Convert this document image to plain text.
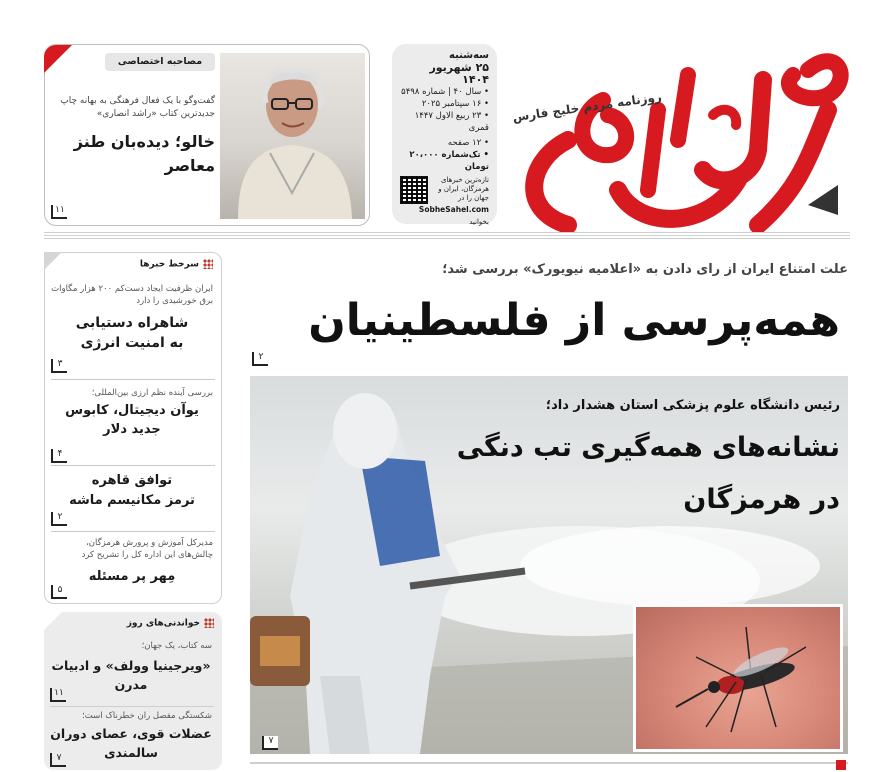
روزنامه مردم خلیج فارس
سه‌شنبه
۲۵ شهریور ۱۴۰۴
• سال ۴۰ | شماره ۵۴۹۸
• ۱۶ سپتامبر ۲۰۲۵
• ۲۳ ربیع الاول ۱۴۴۷ قمری
• ۱۲ صفحه
• تک‌شماره ۲۰،۰۰۰ تومان
تازه‌ترین خبرهای هرمزگان، ایران و جهان را در
SobheSahel.com
بخوانید
مصاحبه اختصاصی
گفت‌وگو با یک فعال فرهنگی به بهانه چاپ جدیدترین کتاب «راشد انصاری»
خالو؛ دیده‌بان طنز
معاصر
۱۱
سرخط خبرها
ایران ظرفیت ایجاد دست‌کم ۲۰۰ هزار مگاوات برق خورشیدی را دارد
شاهراه دستیابی
به امنیت انرژی
۳
بررسی آینده نظم ارزی بین‌المللی؛
یوآن دیجیتال، کابوس
جدید دلار
۴
توافق قاهره
ترمز مکانیسم ماشه
۲
مدیرکل آموزش و پرورش هرمزگان، چالش‌های این اداره کل را تشریح کرد
مِهر پر مسئله
۵
خواندنی‌های روز
سه کتاب، یک جهان؛
«ویرجینیا وولف» و ادبیات
مدرن
۱۱
شکستگی مفصل ران خطرناک است؛
عضلات قوی، عصای دوران
سالمندی
۷
علت امتناع ایران از رای دادن به «اعلامیه نیویورک» بررسی شد؛
همه‌پرسی از فلسطینیان
۲
رئیس دانشگاه علوم پزشکی استان هشدار داد؛
نشانه‌های همه‌گیری تب دنگی
در هرمزگان
۷
